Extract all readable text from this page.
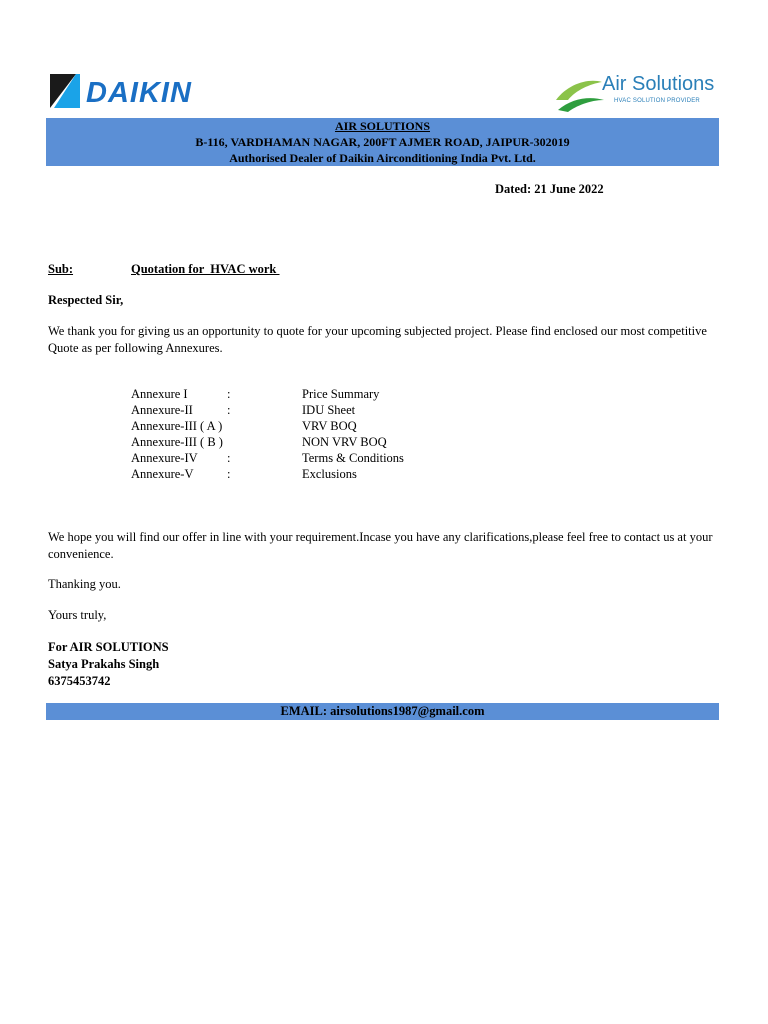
DAIKIN	Air Solutions
HVAC SOLUTION PROVIDER
AIR SOLUTIONS
B-116, VARDHAMAN NAGAR, 200FT AJMER ROAD, JAIPUR-302019
Authorised Dealer of Daikin Airconditioning India Pvt. Ltd.
Dated: 21 June 2022
Sub:	Quotation for  HVAC work
Respected Sir,
We thank you for giving us an opportunity to quote for your upcoming subjected project. Please find enclosed our most competitive Quote as per following Annexures.
Annexure I	:	Price Summary
Annexure-II	:	IDU Sheet
Annexure-III ( A )	VRV BOQ
Annexure-III ( B )	NON VRV BOQ
Annexure-IV :	Terms & Conditions
Annexure-V	:	Exclusions
We hope you will find our offer in line with your requirement.Incase you have any clarifications,please feel free to contact us at your convenience.
Thanking you.
Yours truly,
For AIR SOLUTIONS
Satya Prakahs Singh
6375453742
EMAIL: airsolutions1987@gmail.com
